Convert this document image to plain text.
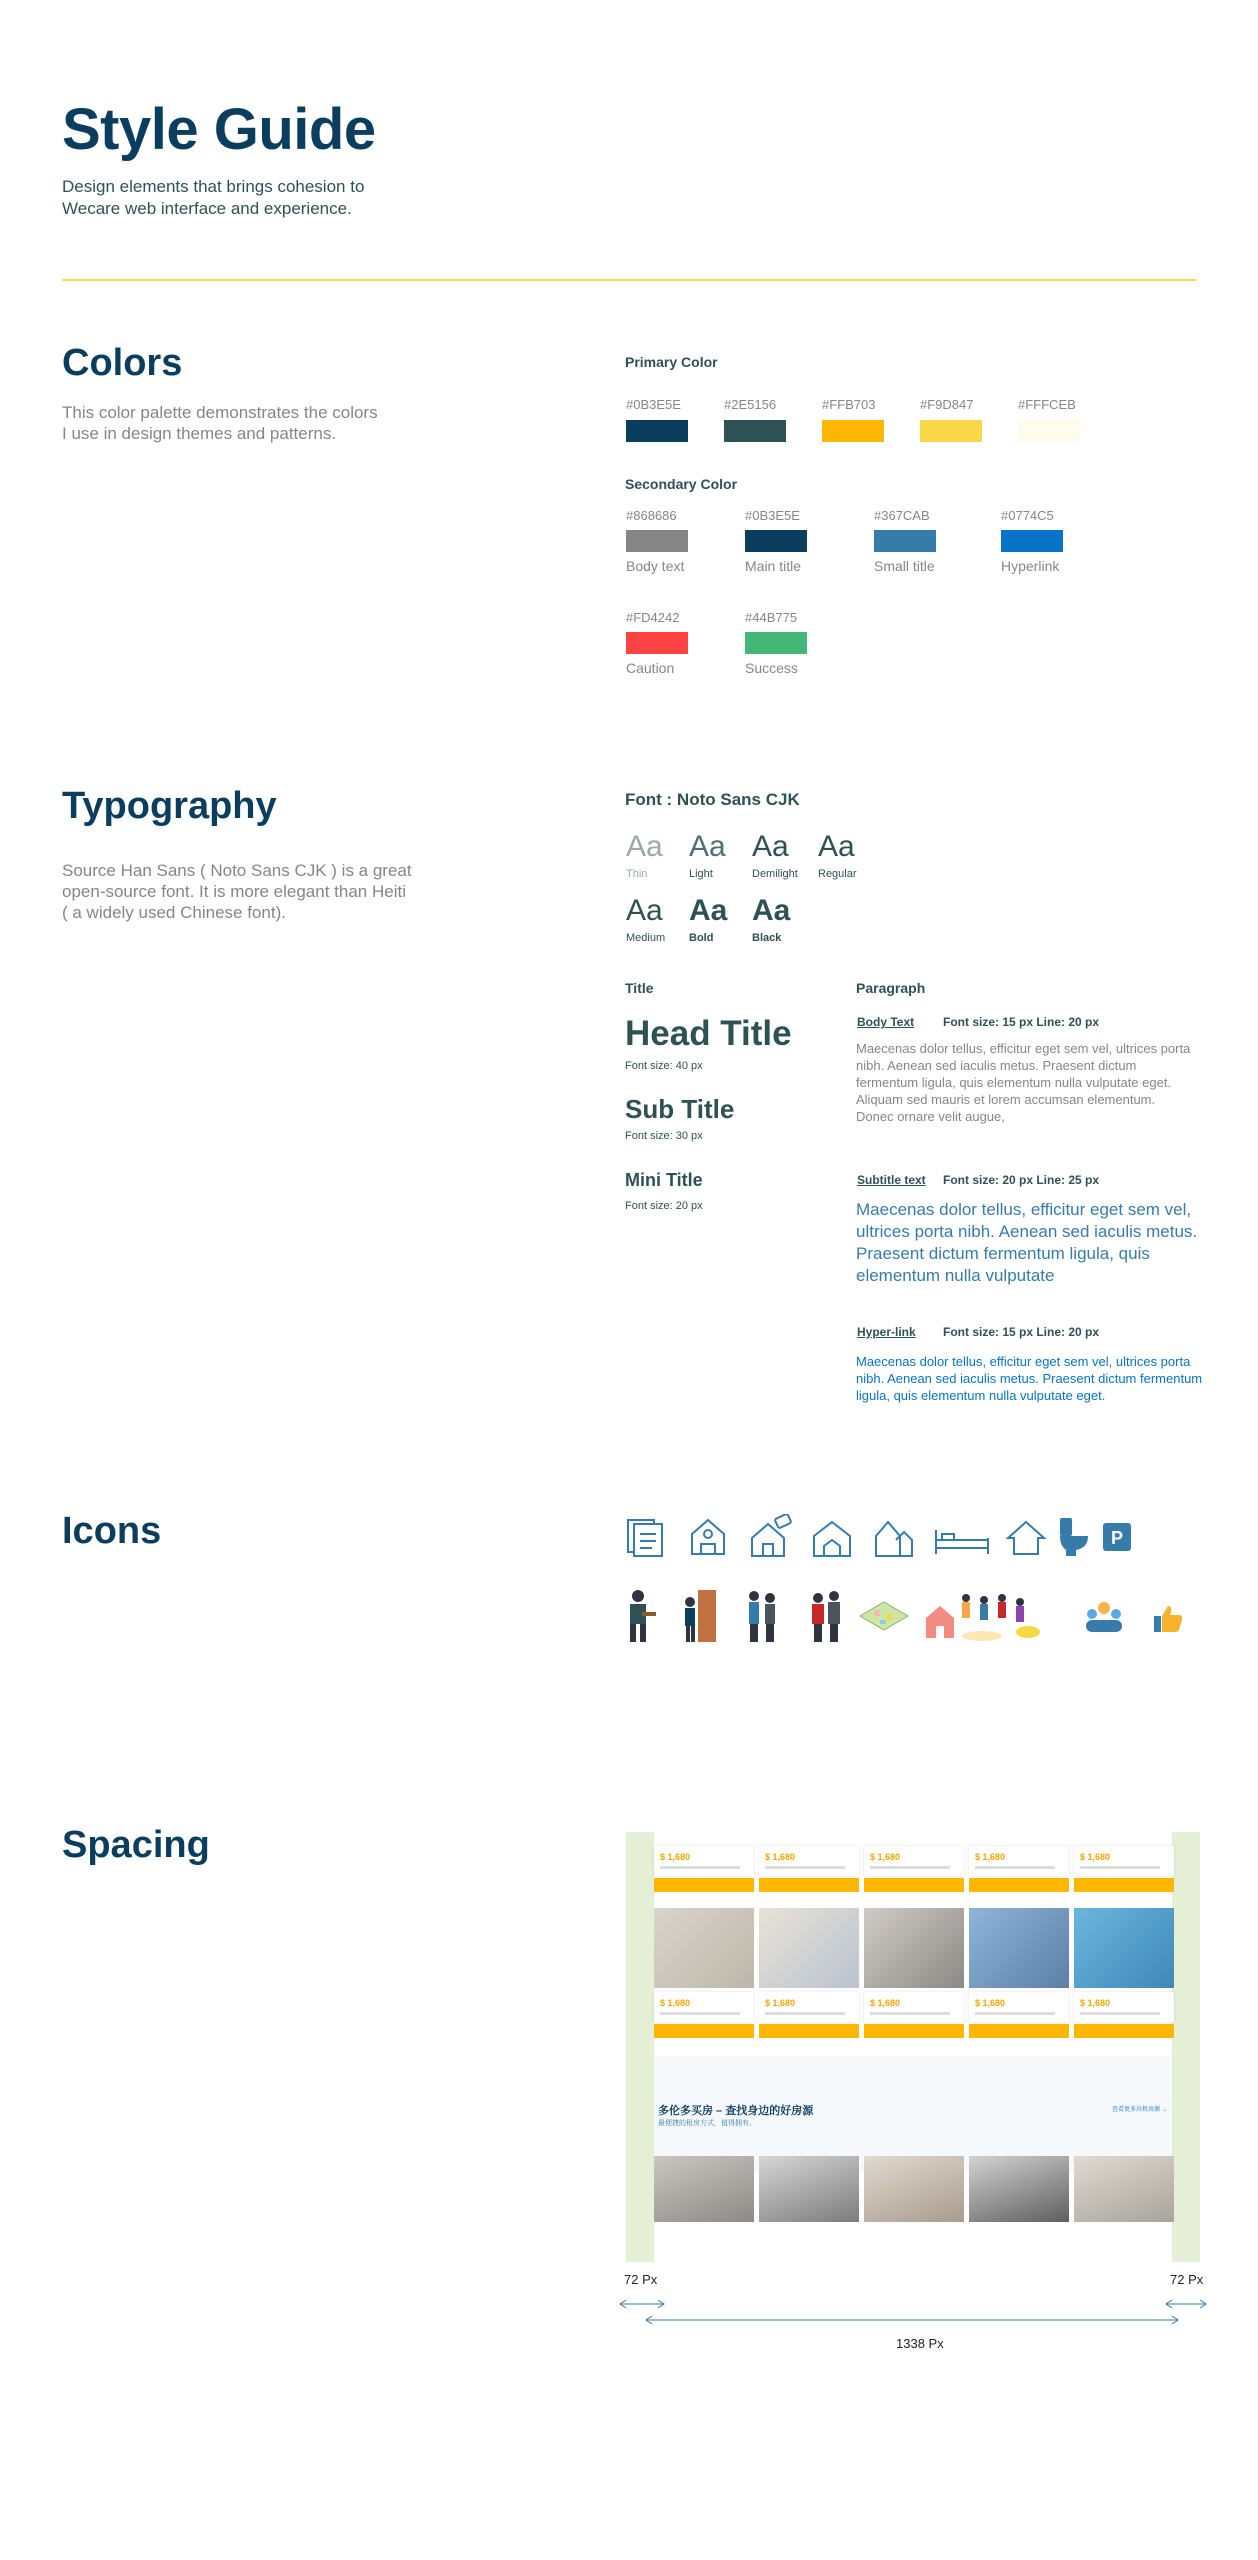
Style Guide
Design elements that brings cohesion to
Wecare web interface and experience.
Colors
This color palette demonstrates the colors
I use in design themes and patterns.
Primary Color
#0B3E5E	#2E5156	#FFB703	#F9D847	#FFFCEB
Secondary Color
#868686
Body text
#0B3E5E
Main title
#367CAB
Small title
#0774C5
Hyperlink
#FD4242
Caution
#44B775
Success
Typography
Source Han Sans ( Noto Sans CJK ) is a great
open-source font. It is more elegant than Heiti
( a widely used Chinese font).
Font : Noto Sans CJK
Aa
Thin
Aa
Light
Aa
Demilight
Aa
Regular
Aa
Medium
Aa
Bold
Aa
Black
Title	Paragraph
Head Title
Font size: 40 px
Sub Title
Font size: 30 px
Mini Title
Font size: 20 px
Body Text Font size: 15 px Line: 20 px
Maecenas dolor tellus, efficitur eget sem vel, ultrices porta nibh. Aenean sed iaculis metus. Praesent dictum fermentum ligula, quis elementum nulla vulputate eget. Aliquam sed mauris et lorem accumsan elementum. Donec ornare velit augue,
Subtitle text Font size: 20 px Line: 25 px
Maecenas dolor tellus, efficitur eget sem vel, ultrices porta nibh. Aenean sed iaculis metus. Praesent dictum fermentum ligula, quis elementum nulla vulputate
Hyper-link Font size: 15 px Line: 20 px
Maecenas dolor tellus, efficitur eget sem vel, ultrices porta nibh. Aenean sed iaculis metus. Praesent dictum fermentum ligula, quis elementum nulla vulputate eget.
Icons	P
Spacing	$ 1,680	$ 1,680	$ 1,680	$ 1,680	$ 1,680
$ 1,680	$ 1,680	$ 1,680	$ 1,680	$ 1,680
多伦多买房 – 查找身边的好房源
最便捷的租房方式，值得拥有。
查看更多出租房源 →
72 Px	72 Px
1338 Px
